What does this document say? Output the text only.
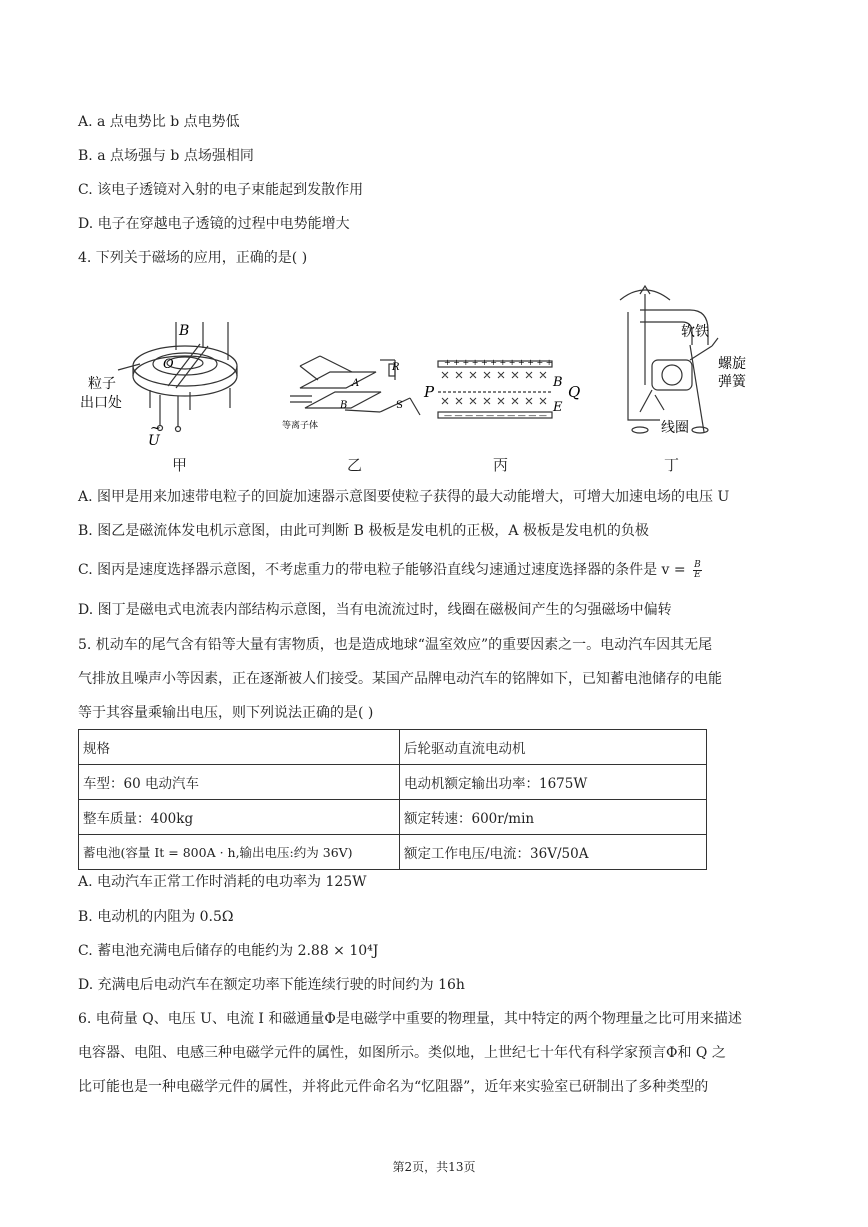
A. a 点电势比 b 点电势低
B. a 点场强与 b 点场强相同
C. 该电子透镜对入射的电子束能起到发散作用
D. 电子在穿越电子透镜的过程中电势能增大
4. 下列关于磁场的应用，正确的是( )
B
O
粒子
出口处
~
U
R
A
B	S
等离子体
+ + + + + + + + + + + +
— — — — — — — — — —
P	Q
B
E
软铁
螺旋
弹簧
线圈
甲	乙	丙	丁
A. 图甲是用来加速带电粒子的回旋加速器示意图要使粒子获得的最大动能增大，可增大加速电场的电压 U
B. 图乙是磁流体发电机示意图，由此可判断 B 极板是发电机的正极，A 极板是发电机的负极
C. 图丙是速度选择器示意图，不考虑重力的带电粒子能够沿直线匀速通过速度选择器的条件是 $v = \frac{B}{E}$
D. 图丁是磁电式电流表内部结构示意图，当有电流流过时，线圈在磁极间产生的匀强磁场中偏转
5. 机动车的尾气含有铅等大量有害物质，也是造成地球“温室效应”的重要因素之一。电动汽车因其无尾
气排放且噪声小等因素，正在逐渐被人们接受。某国产品牌电动汽车的铭牌如下，已知蓄电池储存的电能
等于其容量乘输出电压，则下列说法正确的是( )
规格	后轮驱动直流电动机
车型：60 电动汽车	电动机额定输出功率：1675W
整车质量：400kg	额定转速：600r/min
蓄电池(容量 It = 800A · h,输出电压:约为 36V)	额定工作电压/电流：36V/50A
A. 电动汽车正常工作时消耗的电功率为 125W
B. 电动机的内阻为 0.5Ω
C. 蓄电池充满电后储存的电能约为 2.88 × 10⁴J
D. 充满电后电动汽车在额定功率下能连续行驶的时间约为 16h
6. 电荷量 Q、电压 U、电流 I 和磁通量Φ是电磁学中重要的物理量，其中特定的两个物理量之比可用来描述
电容器、电阻、电感三种电磁学元件的属性，如图所示。类似地，上世纪七十年代有科学家预言Φ和 Q 之
比可能也是一种电磁学元件的属性，并将此元件命名为“忆阻器”，近年来实验室已研制出了多种类型的
第2页，共13页
